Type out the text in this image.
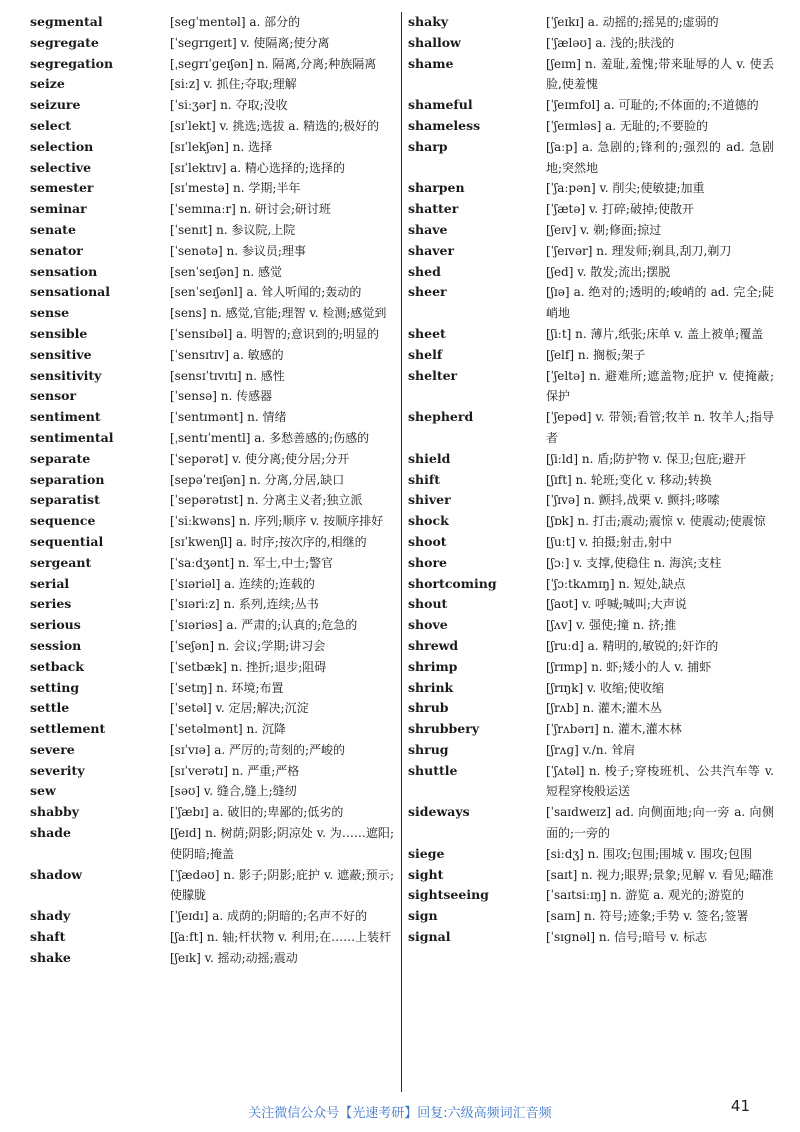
segmental	[seɡˈmentəl] a. 部分的
segregate	[ˈseɡrɪɡeɪt] v. 使隔离;使分离
segregation	[ˌseɡrɪˈɡeɪʃən] n. 隔离,分离;种族隔离
seize	[siːz] v. 抓住;夺取;理解
seizure	[ˈsiːʒər] n. 夺取;没收
select	[sɪˈlekt] v. 挑选;选拔 a. 精选的;极好的
selection	[sɪˈlekʃən] n. 选择
selective	[sɪˈlektɪv] a. 精心选择的;选择的
semester	[sɪˈmestə] n. 学期;半年
seminar	[ˈsemɪnaːr] n. 研讨会;研讨班
senate	[ˈsenɪt] n. 参议院,上院
senator	[ˈsenətə] n. 参议员;理事
sensation	[senˈseɪʃən] n. 感觉
sensational	[senˈseɪʃənl] a. 耸人听闻的;轰动的
sense	[sens] n. 感觉,官能;理智 v. 检测;感觉到
sensible	[ˈsensɪbəl] a. 明智的;意识到的;明显的
sensitive	[ˈsensɪtɪv] a. 敏感的
sensitivity	[sensɪˈtɪvɪtɪ] n. 感性
sensor	[ˈsensə] n. 传感器
sentiment	[ˈsentɪmənt] n. 情绪
sentimental	[ˌsentɪˈmentl] a. 多愁善感的;伤感的
separate	[ˈsepərət] v. 使分离;使分居;分开
separation	[sepəˈreɪʃən] n. 分离,分居,缺口
separatist	[ˈsepərətɪst] n. 分离主义者;独立派
sequence	[ˈsiːkwəns] n. 序列;顺序 v. 按顺序排好
sequential	[sɪˈkwenʃl] a. 时序;按次序的,相继的
sergeant	[ˈsaːdʒənt] n. 军士,中士;警官
serial	[ˈsɪəriəl] a. 连续的;连载的
series	[ˈsɪəriːz] n. 系列,连续;丛书
serious	[ˈsɪəriəs] a. 严肃的;认真的;危急的
session	[ˈseʃən] n. 会议;学期;讲习会
setback	[ˈsetbæk] n. 挫折;退步;阻碍
setting	[ˈsetɪŋ] n. 环境;布置
settle	[ˈsetəl] v. 定居;解决;沉淀
settlement	[ˈsetəlmənt] n. 沉降
severe	[sɪˈvɪə] a. 严厉的;苛刻的;严峻的
severity	[sɪˈverətɪ] n. 严重;严格
sew	[səʊ] v. 缝合,缝上;缝纫
shabby	[ˈʃæbɪ] a. 破旧的;卑鄙的;低劣的
shade	[ʃeɪd] n. 树荫;阴影;阴凉处 v. 为……遮阳;使阴暗;掩盖
shadow	[ˈʃædəʊ] n. 影子;阴影;庇护 v. 遮蔽;预示;使朦胧
shady	[ˈʃeɪdɪ] a. 成荫的;阴暗的;名声不好的
shaft	[ʃaːft] n. 轴;杆状物 v. 利用;在……上装杆
shake	[ʃeɪk] v. 摇动;动摇;震动
shaky	[ˈʃeɪkɪ] a. 动摇的;摇晃的;虚弱的
shallow	[ˈʃæləʊ] a. 浅的;肤浅的
shame	[ʃeɪm] n. 羞耻,羞愧;带来耻辱的人 v. 使丢脸,使羞愧
shameful	[ˈʃeɪmfʊl] a. 可耻的;不体面的;不道德的
shameless	[ˈʃeɪmləs] a. 无耻的;不要脸的
sharp	[ʃaːp] a. 急剧的;锋利的;强烈的 ad. 急剧地;突然地
sharpen	[ˈʃaːpən] v. 削尖;使敏捷;加重
shatter	[ˈʃætə] v. 打碎;破掉;使散开
shave	[ʃeɪv] v. 剃;修面;掠过
shaver	[ˈʃeɪvər] n. 理发师;剃具,刮刀,剃刀
shed	[ʃed] v. 散发;流出;摆脱
sheer	[ʃɪə] a. 绝对的;透明的;峻峭的 ad. 完全;陡峭地
sheet	[ʃiːt] n. 薄片,纸张;床单 v. 盖上被单;覆盖
shelf	[ʃelf] n. 搁板;架子
shelter	[ˈʃeltə] n. 避难所;遮盖物;庇护 v. 使掩蔽;保护
shepherd	[ˈʃepəd] v. 带领;看管;牧羊 n. 牧羊人;指导者
shield	[ʃiːld] n. 盾;防护物 v. 保卫;包庇;避开
shift	[ʃɪft] n. 轮班;变化 v. 移动;转换
shiver	[ˈʃɪvə] n. 颤抖,战栗 v. 颤抖;哆嗦
shock	[ʃɒk] n. 打击;震动;震惊 v. 使震动;使震惊
shoot	[ʃuːt] v. 拍摄;射击,射中
shore	[ʃɔː] v. 支撑,使稳住 n. 海滨;支柱
shortcoming	[ˈʃɔːtkʌmɪŋ] n. 短处,缺点
shout	[ʃaʊt] v. 呼喊;喊叫;大声说
shove	[ʃʌv] v. 强使;撞 n. 挤;推
shrewd	[ʃruːd] a. 精明的,敏锐的;奸诈的
shrimp	[ʃrɪmp] n. 虾;矮小的人 v. 捕虾
shrink	[ʃrɪŋk] v. 收缩;使收缩
shrub	[ʃrʌb] n. 灌木;灌木丛
shrubbery	[ˈʃrʌbərɪ] n. 灌木,灌木林
shrug	[ʃrʌɡ] v./n. 耸肩
shuttle	[ˈʃʌtəl] n. 梭子;穿梭班机、公共汽车等 v. 短程穿梭般运送
sideways	[ˈsaɪdweɪz] ad. 向侧面地;向一旁 a. 向侧面的;一旁的
siege	[siːdʒ] n. 围攻;包围;围城 v. 围攻;包围
sight	[saɪt] n. 视力;眼界;景象;见解 v. 看见;瞄准
sightseeing	[ˈsaɪtsiːɪŋ] n. 游览 a. 观光的;游览的
sign	[saɪn] n. 符号;迹象;手势 v. 签名;签署
signal	[ˈsɪɡnəl] n. 信号;暗号 v. 标志
关注微信公众号【光速考研】回复:六级高频词汇音频	41
